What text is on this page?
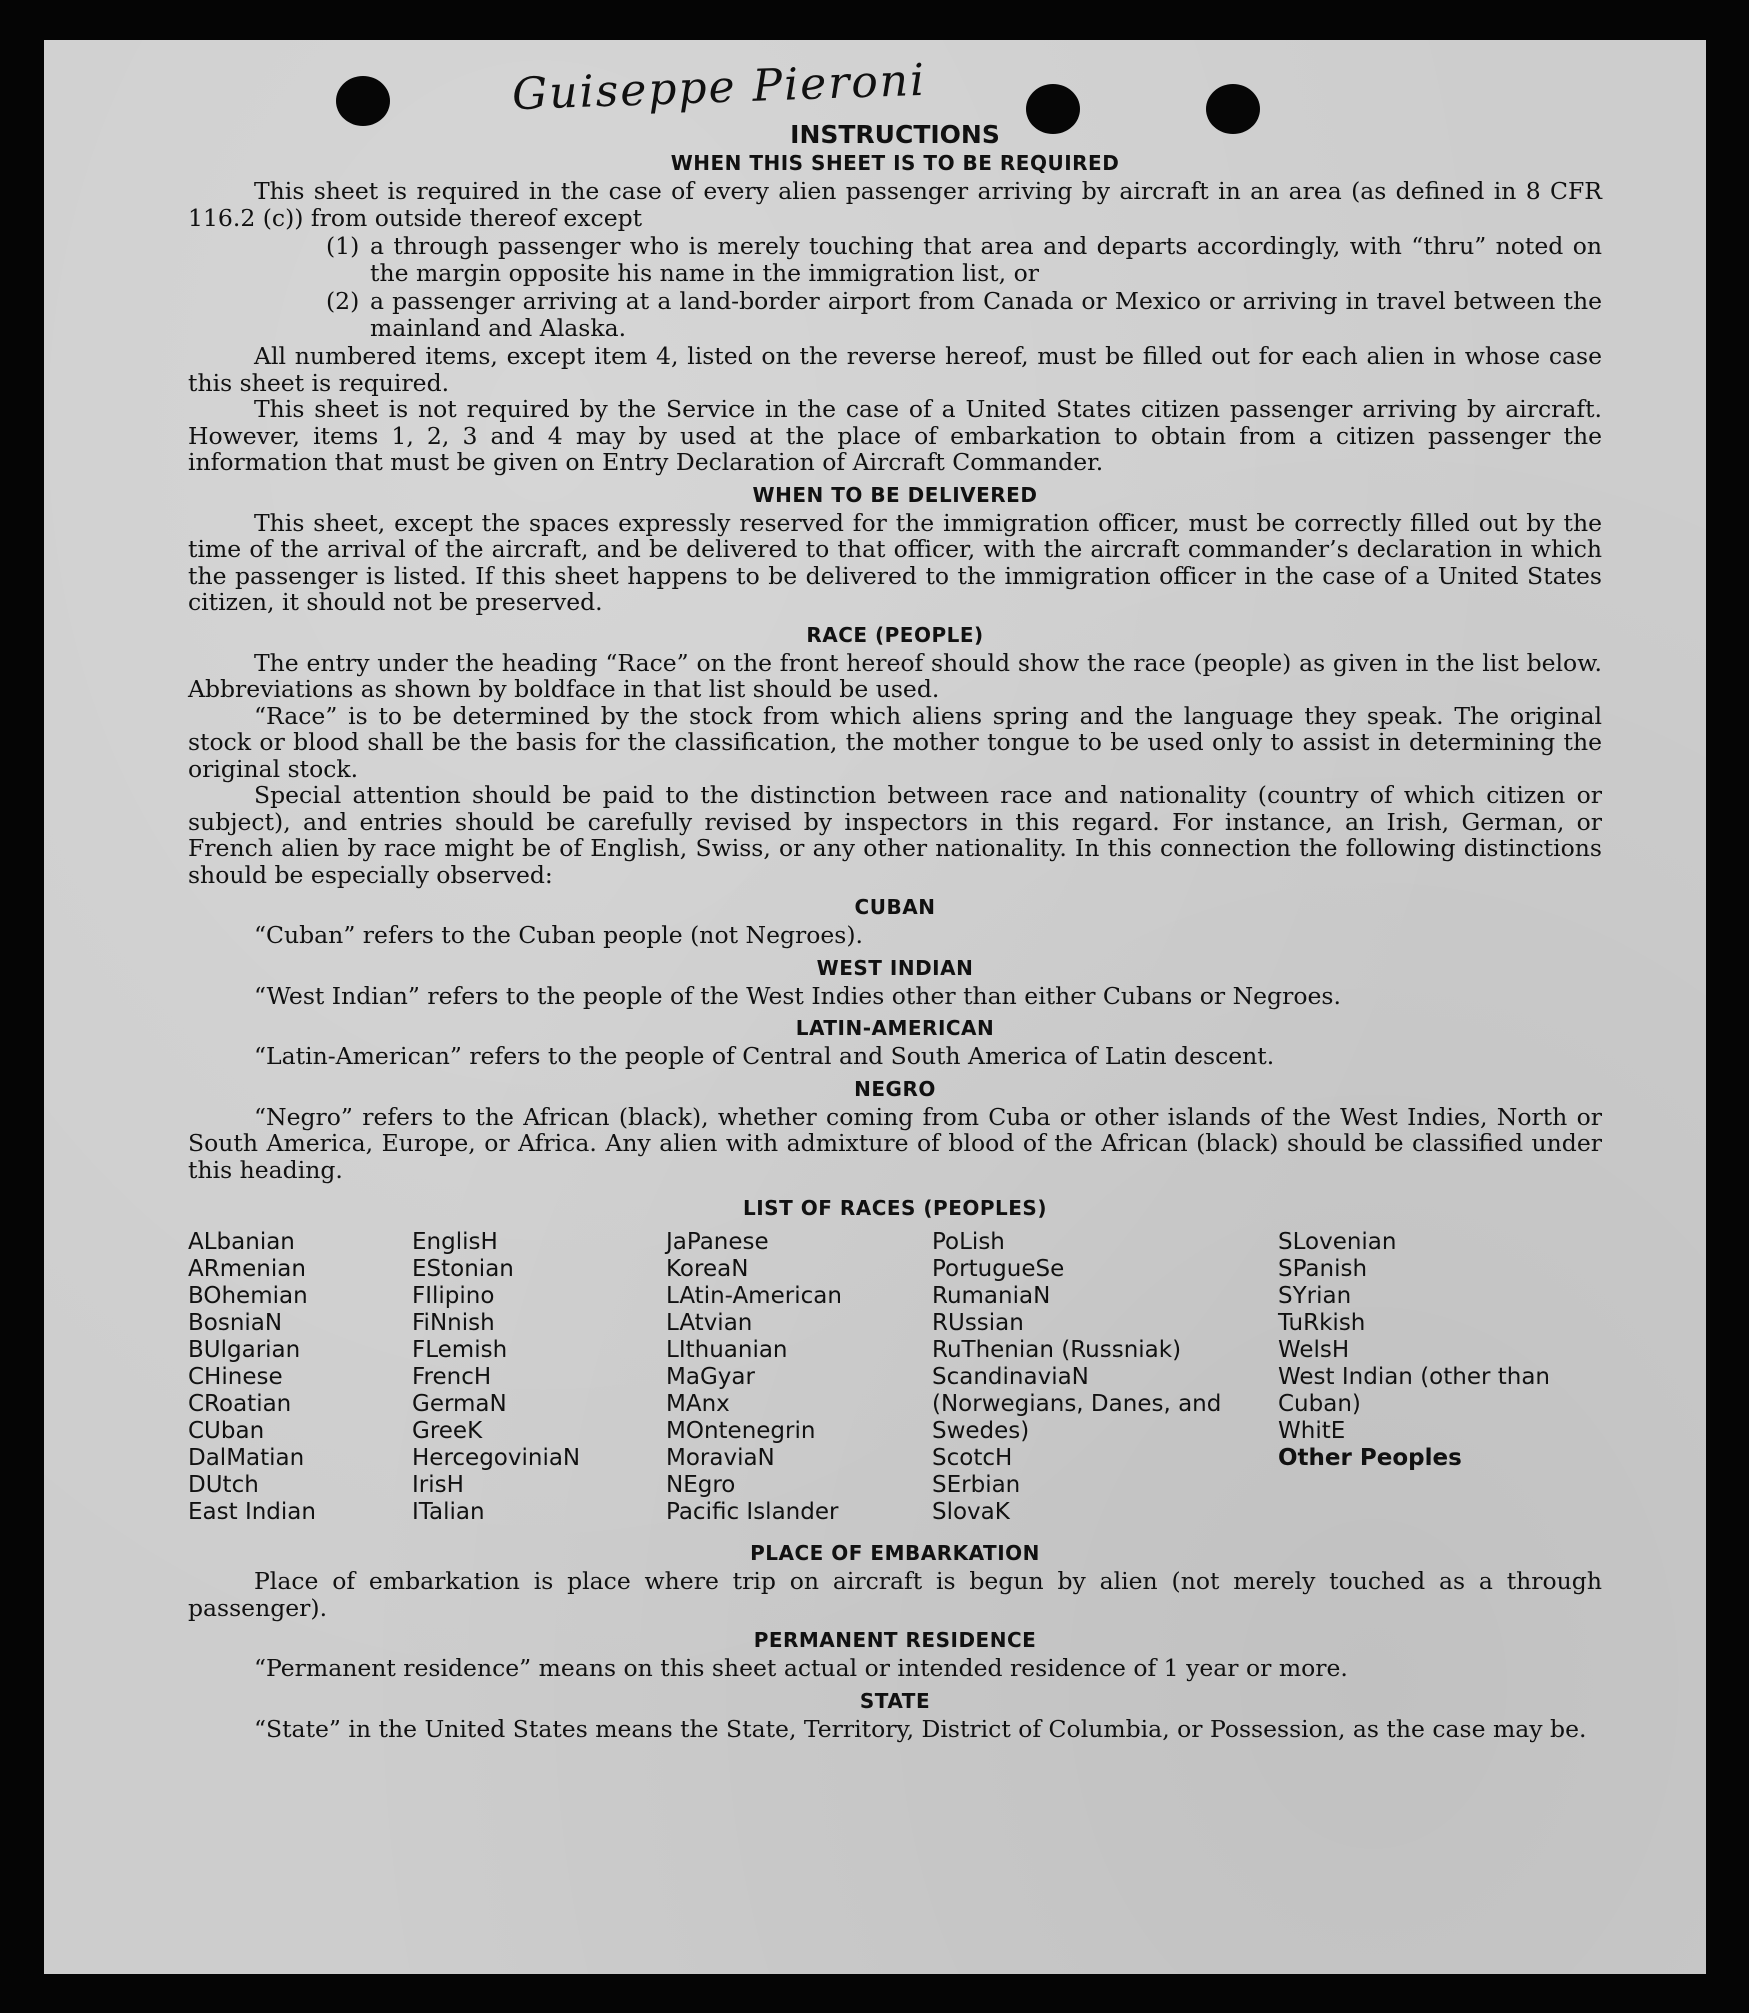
Guiseppe Pieroni
INSTRUCTIONS
WHEN THIS SHEET IS TO BE REQUIRED

This sheet is required in the case of every alien passenger arriving by aircraft in an area (as defined in 8 CFR 116.2 (c)) from outside thereof except

(1) a through passenger who is merely touching that area and departs accordingly, with “thru” noted on the margin opposite his name in the immigration list, or
(2) a passenger arriving at a land-border airport from Canada or Mexico or arriving in travel between the mainland and Alaska.

All numbered items, except item 4, listed on the reverse hereof, must be filled out for each alien in whose case this sheet is required.

This sheet is not required by the Service in the case of a United States citizen passenger arriving by aircraft. However, items 1, 2, 3 and 4 may by used at the place of embarkation to obtain from a citizen passenger the information that must be given on Entry Declaration of Aircraft Commander.

WHEN TO BE DELIVERED

This sheet, except the spaces expressly reserved for the immigration officer, must be correctly filled out by the time of the arrival of the aircraft, and be delivered to that officer, with the aircraft commander’s declaration in which the passenger is listed. If this sheet happens to be delivered to the immigration officer in the case of a United States citizen, it should not be preserved.

RACE (PEOPLE)

The entry under the heading “Race” on the front hereof should show the race (people) as given in the list below. Abbreviations as shown by boldface in that list should be used.

“Race” is to be determined by the stock from which aliens spring and the language they speak. The original stock or blood shall be the basis for the classification, the mother tongue to be used only to assist in determining the original stock.

Special attention should be paid to the distinction between race and nationality (country of which citizen or subject), and entries should be carefully revised by inspectors in this regard. For instance, an Irish, German, or French alien by race might be of English, Swiss, or any other nationality. In this connection the following distinctions should be especially observed:

CUBAN

“Cuban” refers to the Cuban people (not Negroes).

WEST INDIAN

“West Indian” refers to the people of the West Indies other than either Cubans or Negroes.

LATIN-AMERICAN

“Latin-American” refers to the people of Central and South America of Latin descent.

NEGRO

“Negro” refers to the African (black), whether coming from Cuba or other islands of the West Indies, North or South America, Europe, or Africa. Any alien with admixture of blood of the African (black) should be classified under this heading.

LIST OF RACES (PEOPLES)
ALbanian
ARmenian
BOhemian
BosniaN
BUlgarian
CHinese
CRoatian
CUban
DalMatian
DUtch
East Indian
EnglisH
EStonian
FIlipino
FiNnish
FLemish
FrencH
GermaN
GreeK
HercegoviniaN
IrisH
ITalian
JaPanese
KoreaN
LAtin-American
LAtvian
LIthuanian
MaGyar
MAnx
MOntenegrin
MoraviaN
NEgro
Pacific Islander
PoLish
PortugueSe
RumaniaN
RUssian
RuThenian (Russniak)
ScandinaviaN (Norwegians, Danes, and Swedes)
ScotcH
SErbian
SlovaK
SLovenian
SPanish
SYrian
TuRkish
WelsH
West Indian (other than Cuban)
WhitE
Other Peoples
PLACE OF EMBARKATION

Place of embarkation is place where trip on aircraft is begun by alien (not merely touched as a through passenger).

PERMANENT RESIDENCE

“Permanent residence” means on this sheet actual or intended residence of 1 year or more.

STATE

“State” in the United States means the State, Territory, District of Columbia, or Possession, as the case may be.
